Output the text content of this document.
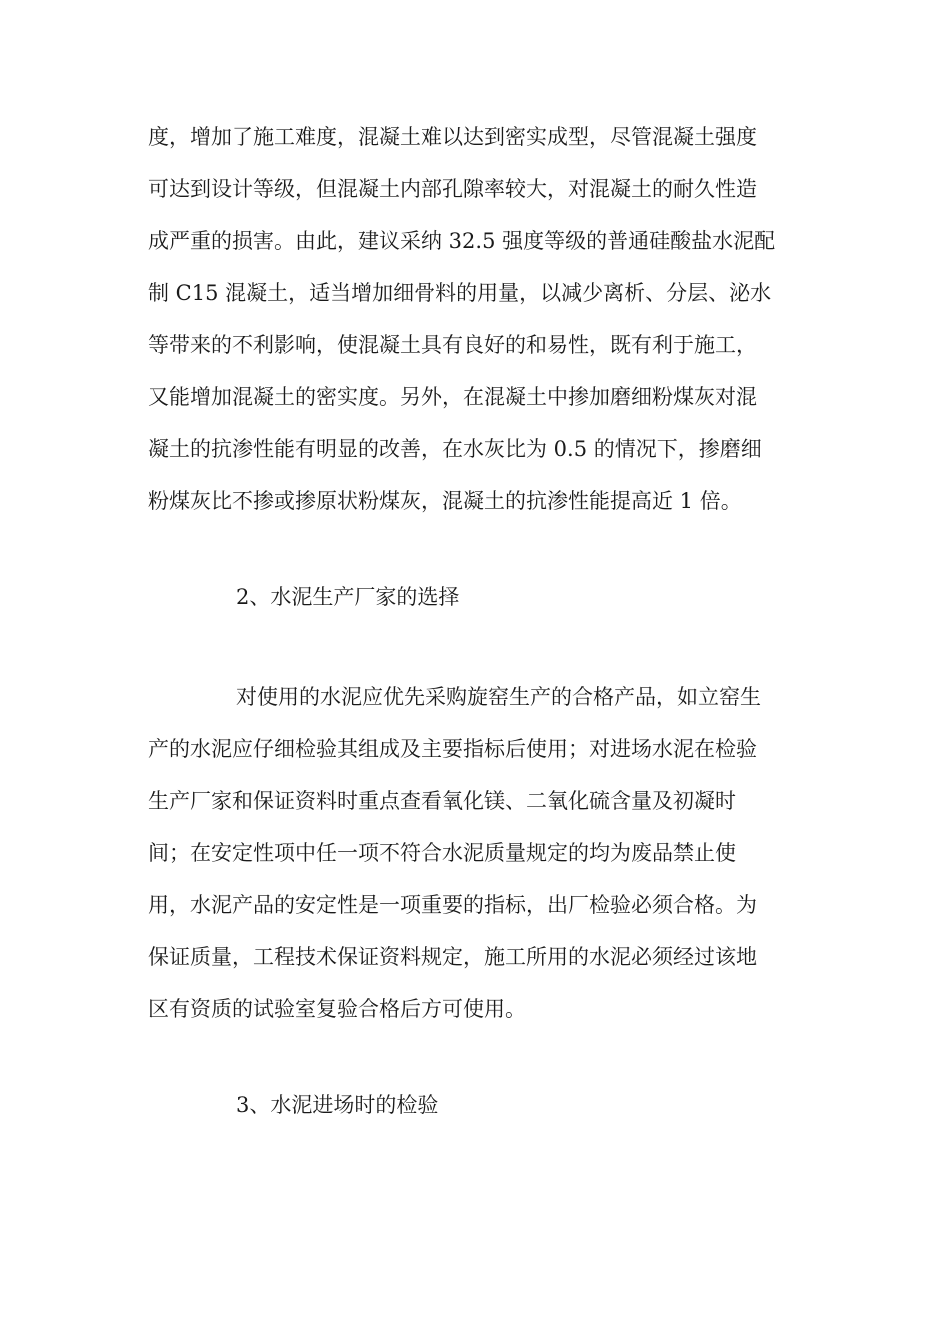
度，增加了施工难度，混凝土难以达到密实成型，尽管混凝土强度
可达到设计等级，但混凝土内部孔隙率较大，对混凝土的耐久性造
成严重的损害。由此，建议采纳 32.5 强度等级的普通硅酸盐水泥配
制 C15 混凝土，适当增加细骨料的用量，以减少离析、分层、泌水
等带来的不利影响，使混凝土具有良好的和易性，既有利于施工，
又能增加混凝土的密实度。另外，在混凝土中掺加磨细粉煤灰对混
凝土的抗渗性能有明显的改善，在水灰比为 0.5 的情况下，掺磨细
粉煤灰比不掺或掺原状粉煤灰，混凝土的抗渗性能提高近 1 倍。
2、水泥生产厂家的选择
对使用的水泥应优先采购旋窑生产的合格产品，如立窑生
产的水泥应仔细检验其组成及主要指标后使用；对进场水泥在检验
生产厂家和保证资料时重点查看氧化镁、二氧化硫含量及初凝时
间；在安定性项中任一项不符合水泥质量规定的均为废品禁止使
用，水泥产品的安定性是一项重要的指标，出厂检验必须合格。为
保证质量，工程技术保证资料规定，施工所用的水泥必须经过该地
区有资质的试验室复验合格后方可使用。
3、水泥进场时的检验
